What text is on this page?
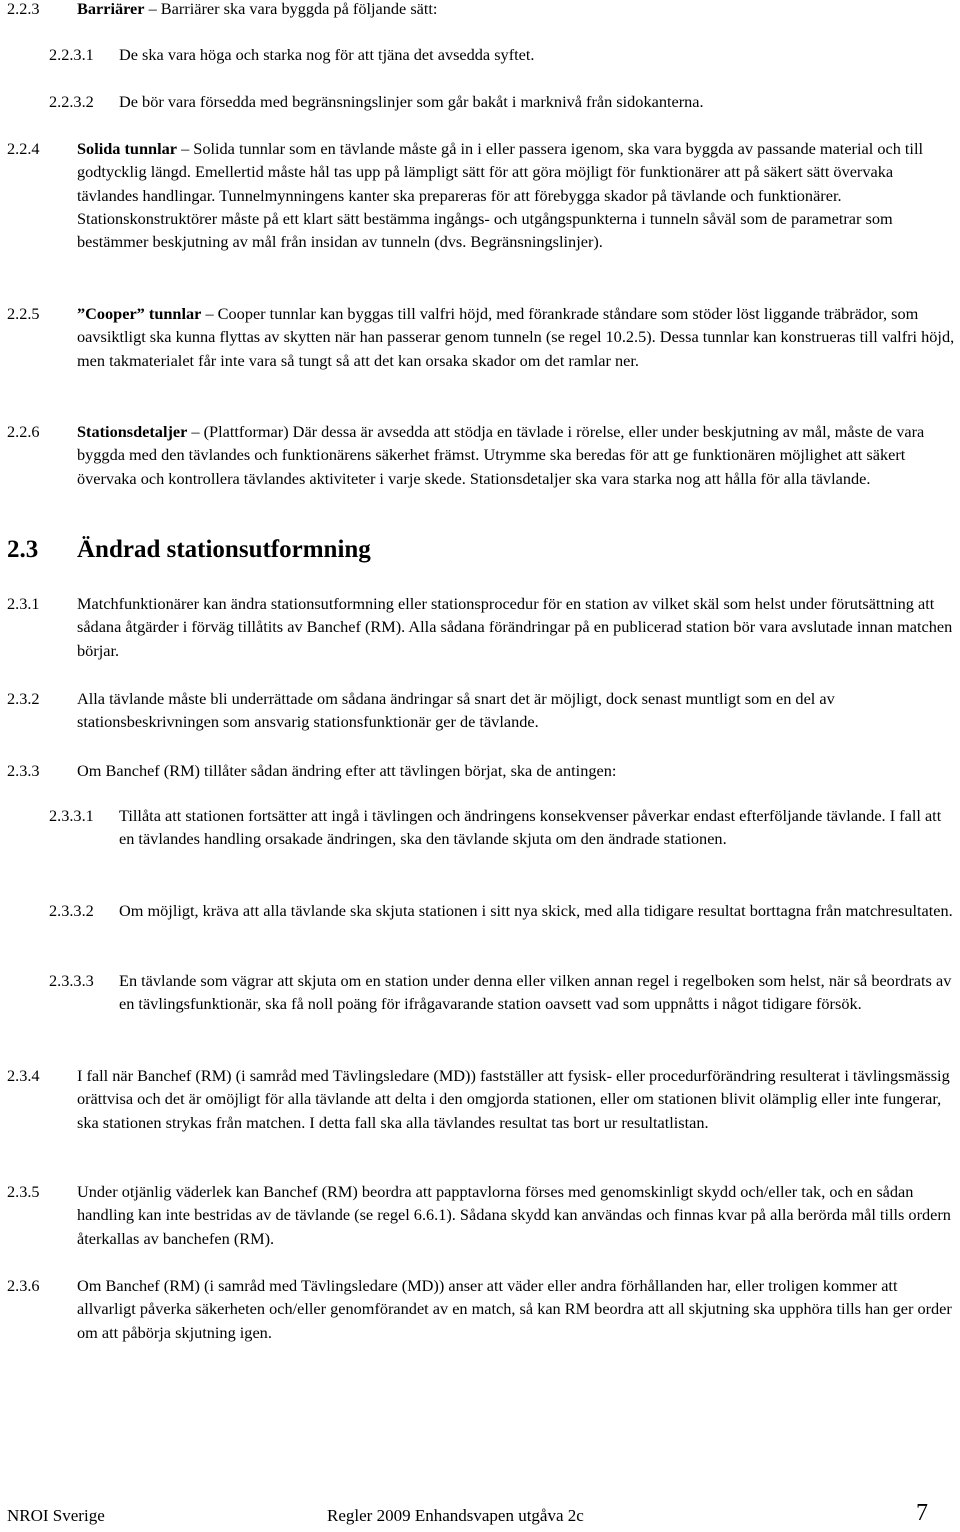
2.2.3 Barriärer – Barriärer ska vara byggda på följande sätt:
2.2.3.1 De ska vara höga och starka nog för att tjäna det avsedda syftet.
2.2.3.2 De bör vara försedda med begränsningslinjer som går bakåt i marknivå från sidokanterna.
2.2.4 Solida tunnlar – Solida tunnlar som en tävlande måste gå in i eller passera igenom, ska vara byggda av passande material och till godtycklig längd. Emellertid måste hål tas upp på lämpligt sätt för att göra möjligt för funktionärer att på säkert sätt övervaka tävlandes handlingar. Tunnelmynningens kanter ska prepareras för att förebygga skador på tävlande och funktionärer. Stationskonstruktörer måste på ett klart sätt bestämma ingångs- och utgångspunkterna i tunneln såväl som de parametrar som bestämmer beskjutning av mål från insidan av tunneln (dvs. Begränsningslinjer).
2.2.5 ”Cooper” tunnlar – Cooper tunnlar kan byggas till valfri höjd, med förankrade ståndare som stöder löst liggande träbrädor, som oavsiktligt ska kunna flyttas av skytten när han passerar genom tunneln (se regel 10.2.5). Dessa tunnlar kan konstrueras till valfri höjd, men takmaterialet får inte vara så tungt så att det kan orsaka skador om det ramlar ner.
2.2.6 Stationsdetaljer – (Plattformar) Där dessa är avsedda att stödja en tävlade i rörelse, eller under beskjutning av mål, måste de vara byggda med den tävlandes och funktionärens säkerhet främst. Utrymme ska beredas för att ge funktionären möjlighet att säkert övervaka och kontrollera tävlandes aktiviteter i varje skede. Stationsdetaljer ska vara starka nog att hålla för alla tävlande.
2.3 Ändrad stationsutformning
2.3.1 Matchfunktionärer kan ändra stationsutformning eller stationsprocedur för en station av vilket skäl som helst under förutsättning att sådana åtgärder i förväg tillåtits av Banchef (RM). Alla sådana förändringar på en publicerad station bör vara avslutade innan matchen börjar.
2.3.2 Alla tävlande måste bli underrättade om sådana ändringar så snart det är möjligt, dock senast muntligt som en del av stationsbeskrivningen som ansvarig stationsfunktionär ger de tävlande.
2.3.3 Om Banchef (RM) tillåter sådan ändring efter att tävlingen börjat, ska de antingen:
2.3.3.1 Tillåta att stationen fortsätter att ingå i tävlingen och ändringens konsekvenser påverkar endast efterföljande tävlande. I fall att en tävlandes handling orsakade ändringen, ska den tävlande skjuta om den ändrade stationen.
2.3.3.2 Om möjligt, kräva att alla tävlande ska skjuta stationen i sitt nya skick, med alla tidigare resultat borttagna från matchresultaten.
2.3.3.3 En tävlande som vägrar att skjuta om en station under denna eller vilken annan regel i regelboken som helst, när så beordrats av en tävlingsfunktionär, ska få noll poäng för ifrågavarande station oavsett vad som uppnåtts i något tidigare försök.
2.3.4 I fall när Banchef (RM) (i samråd med Tävlingsledare (MD)) fastställer att fysisk- eller procedurförändring resulterat i tävlingsmässig orättvisa och det är omöjligt för alla tävlande att delta i den omgjorda stationen, eller om stationen blivit olämplig eller inte fungerar, ska stationen strykas från matchen. I detta fall ska alla tävlandes resultat tas bort ur resultatlistan.
2.3.5 Under otjänlig väderlek kan Banchef (RM) beordra att papptavlorna förses med genomskinligt skydd och/eller tak, och en sådan handling kan inte bestridas av de tävlande (se regel 6.6.1). Sådana skydd kan användas och finnas kvar på alla berörda mål tills ordern återkallas av banchefen (RM).
2.3.6 Om Banchef (RM) (i samråd med Tävlingsledare (MD)) anser att väder eller andra förhållanden har, eller troligen kommer att allvarligt påverka säkerheten och/eller genomförandet av en match, så kan RM beordra att all skjutning ska upphöra tills han ger order om att påbörja skjutning igen.
NROI Sverige	Regler 2009 Enhandsvapen utgåva 2c	7
